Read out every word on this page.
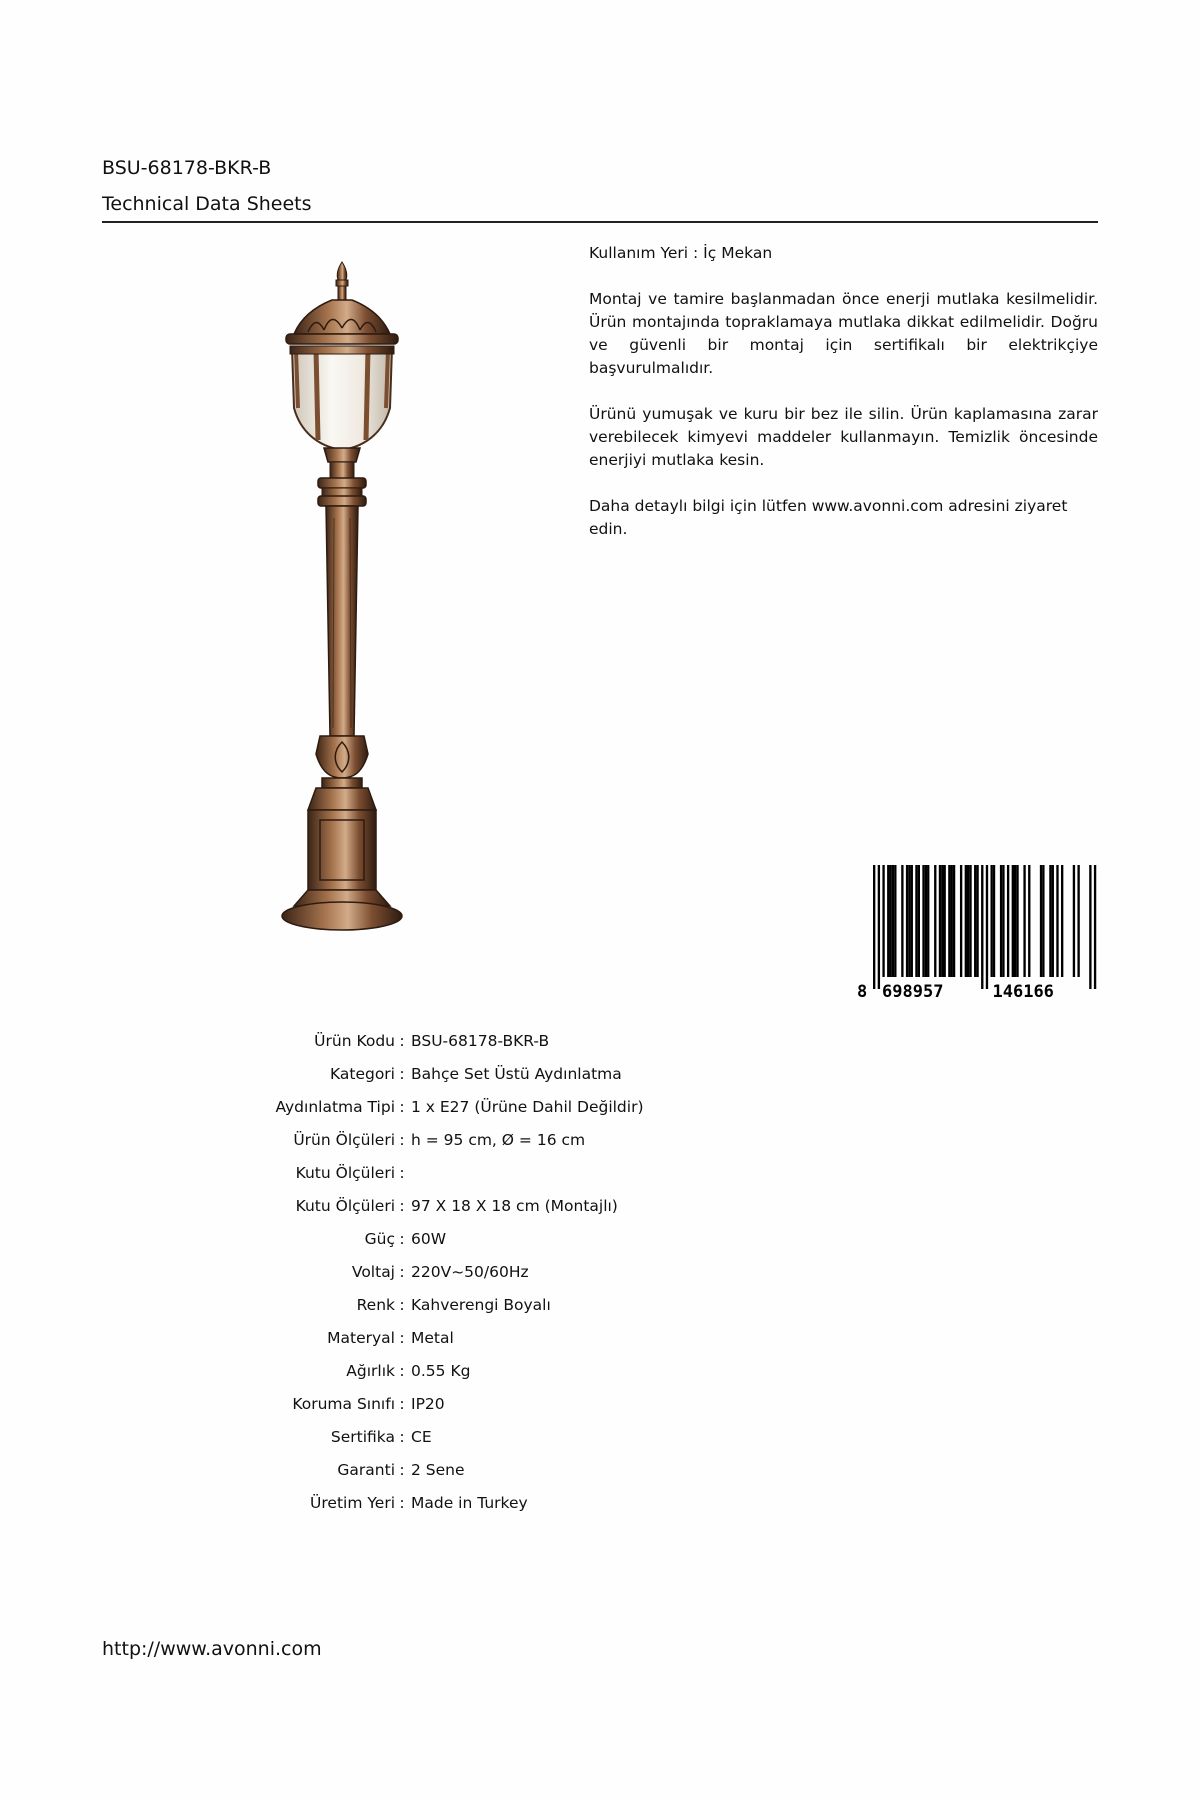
BSU-68178-BKR-B
Technical Data Sheets

Kullanım Yeri : İç Mekan

Montaj ve tamire başlanmadan önce enerji mutlaka kesilmelidir. Ürün montajında topraklamaya mutlaka dikkat edilmelidir. Doğru ve güvenli bir montaj için sertifikalı bir elektrikçiye başvurulmalıdır.

Ürünü yumuşak ve kuru bir bez ile silin. Ürün kaplamasına zarar verebilecek kimyevi maddeler kullanmayın. Temizlik öncesinde enerjiyi mutlaka kesin.

Daha detaylı bilgi için lütfen www.avonni.com adresini ziyaret edin.

8 698957	146166
Ürün Kodu : BSU-68178-BKR-B
Kategori : Bahçe Set Üstü Aydınlatma
Aydınlatma Tipi : 1 x E27 (Ürüne Dahil Değildir)
Ürün Ölçüleri : h = 95 cm, Ø = 16 cm
Kutu Ölçüleri :
Kutu Ölçüleri : 97 X 18 X 18 cm (Montajlı)
Güç : 60W
Voltaj : 220V~50/60Hz
Renk : Kahverengi Boyalı
Materyal : Metal
Ağırlık : 0.55 Kg
Koruma Sınıfı : IP20
Sertifika : CE
Garanti : 2 Sene
Üretim Yeri : Made in Turkey
http://www.avonni.com
